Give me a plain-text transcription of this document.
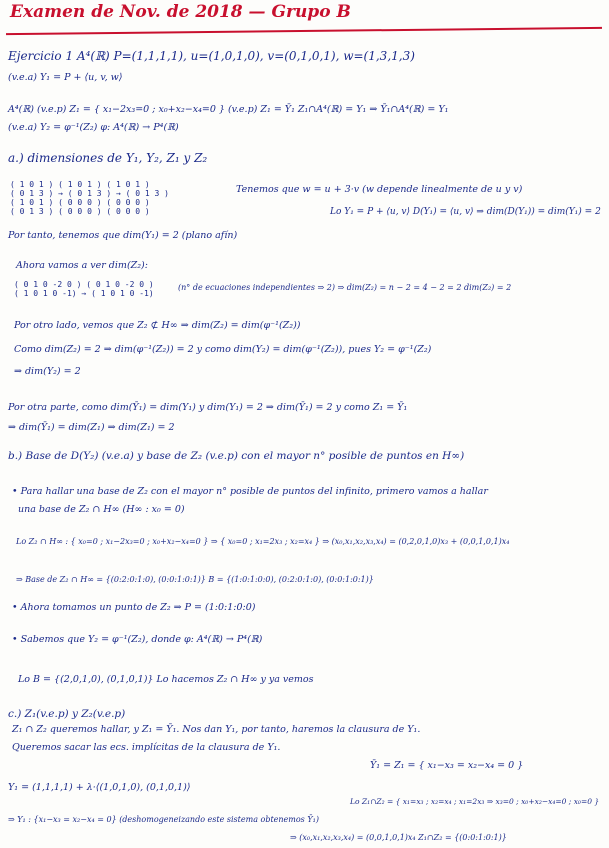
Examen de Nov. de 2018 — Grupo B
Ejercicio 1 A⁴(ℝ) P=(1,1,1,1), u=(1,0,1,0), v=(0,1,0,1), w=(1,3,1,3)
(v.e.a) Y₁ = P + ⟨u, v, w⟩
A⁴(ℝ) (v.e.p) Z₁ = { x₁−2x₃=0 ; x₀+x₂−x₄=0 } (v.e.p) Z₁ = Ȳ₁ Z₁∩A⁴(ℝ) = Y₁ ⇒ Ȳ₁∩A⁴(ℝ) = Y₁
(v.e.a) Y₂ = φ⁻¹(Z₂) φ: A⁴(ℝ) → P⁴(ℝ)
a.) dimensiones de Y₁, Y₂, Z₁ y Z₂
( 1 0 1 ) ( 1 0 1 ) ( 1 0 1 )
( 0 1 3 ) → ( 0 1 3 ) → ( 0 1 3 )
( 1 0 1 ) ( 0 0 0 ) ( 0 0 0 )
( 0 1 3 ) ( 0 0 0 ) ( 0 0 0 )
Tenemos que w = u + 3·v (w depende linealmente de u y v)
Lo Y₁ = P + ⟨u, v⟩ D(Y₁) = ⟨u, v⟩ ⇒ dim(D(Y₁)) = dim(Y₁) = 2
Por tanto, tenemos que dim(Y₁) = 2 (plano afín)
Ahora vamos a ver dim(Z₂):
( 0 1 0 -2 0 ) ( 0 1 0 -2 0 )
( 1 0 1 0 -1) → ( 1 0 1 0 -1)
(n° de ecuaciones independientes ⇒ 2) ⇒ dim(Z₂) = n − 2 = 4 − 2 = 2 dim(Z₂) = 2
Por otro lado, vemos que Z₂ ⊄ H∞ ⇒ dim(Z₂) = dim(φ⁻¹(Z₂))
Como dim(Z₂) = 2 ⇒ dim(φ⁻¹(Z₂)) = 2 y como dim(Y₂) = dim(φ⁻¹(Z₂)), pues Y₂ = φ⁻¹(Z₂)
⇒ dim(Y₂) = 2
Por otra parte, como dim(Ȳ₁) = dim(Y₁) y dim(Y₁) = 2 ⇒ dim(Ȳ₁) = 2 y como Z₁ = Ȳ₁
⇒ dim(Ȳ₁) = dim(Z₁) ⇒ dim(Z₁) = 2
b.) Base de D(Y₂) (v.e.a) y base de Z₂ (v.e.p) con el mayor n° posible de puntos en H∞)
• Para hallar una base de Z₂ con el mayor n° posible de puntos del infinito, primero vamos a hallar
una base de Z₂ ∩ H∞ (H∞ : x₀ = 0)
Lo Z₂ ∩ H∞ : { x₀=0 ; x₁−2x₃=0 ; x₀+x₂−x₄=0 } ⇒ { x₀=0 ; x₁=2x₃ ; x₂=x₄ } ⇒ (x₀,x₁,x₂,x₃,x₄) = (0,2,0,1,0)x₃ + (0,0,1,0,1)x₄
⇒ Base de Z₂ ∩ H∞ = {(0:2:0:1:0), (0:0:1:0:1)} B = {(1:0:1:0:0), (0:2:0:1:0), (0:0:1:0:1)}
• Ahora tomamos un punto de Z₂ ⇒ P = (1:0:1:0:0)
• Sabemos que Y₂ = φ⁻¹(Z₂), donde φ: A⁴(ℝ) → P⁴(ℝ)
Lo B = {(2,0,1,0), (0,1,0,1)} Lo hacemos Z₂ ∩ H∞ y ya vemos
c.) Z₁(v.e.p) y Z₂(v.e.p)
Z₁ ∩ Z₂ queremos hallar, y Z₁ = Ȳ₁. Nos dan Y₁, por tanto, haremos la clausura de Y₁.
Queremos sacar las ecs. implícitas de la clausura de Y₁.
Ȳ₁ = Z₁ = { x₁−x₃ = x₂−x₄ = 0 }
Y₁ = (1,1,1,1) + λ·⟨(1,0,1,0), (0,1,0,1)⟩
Lo Z₁∩Z₂ = { x₁=x₃ ; x₂=x₄ ; x₁=2x₃ ⇒ x₃=0 ; x₀+x₂−x₄=0 ; x₀=0 }
⇒ Y₁ : {x₁−x₃ = x₂−x₄ = 0} (deshomogeneizando este sistema obtenemos Ȳ₁)
⇒ (x₀,x₁,x₂,x₃,x₄) = (0,0,1,0,1)x₄ Z₁∩Z₂ = {(0:0:1:0:1)}
